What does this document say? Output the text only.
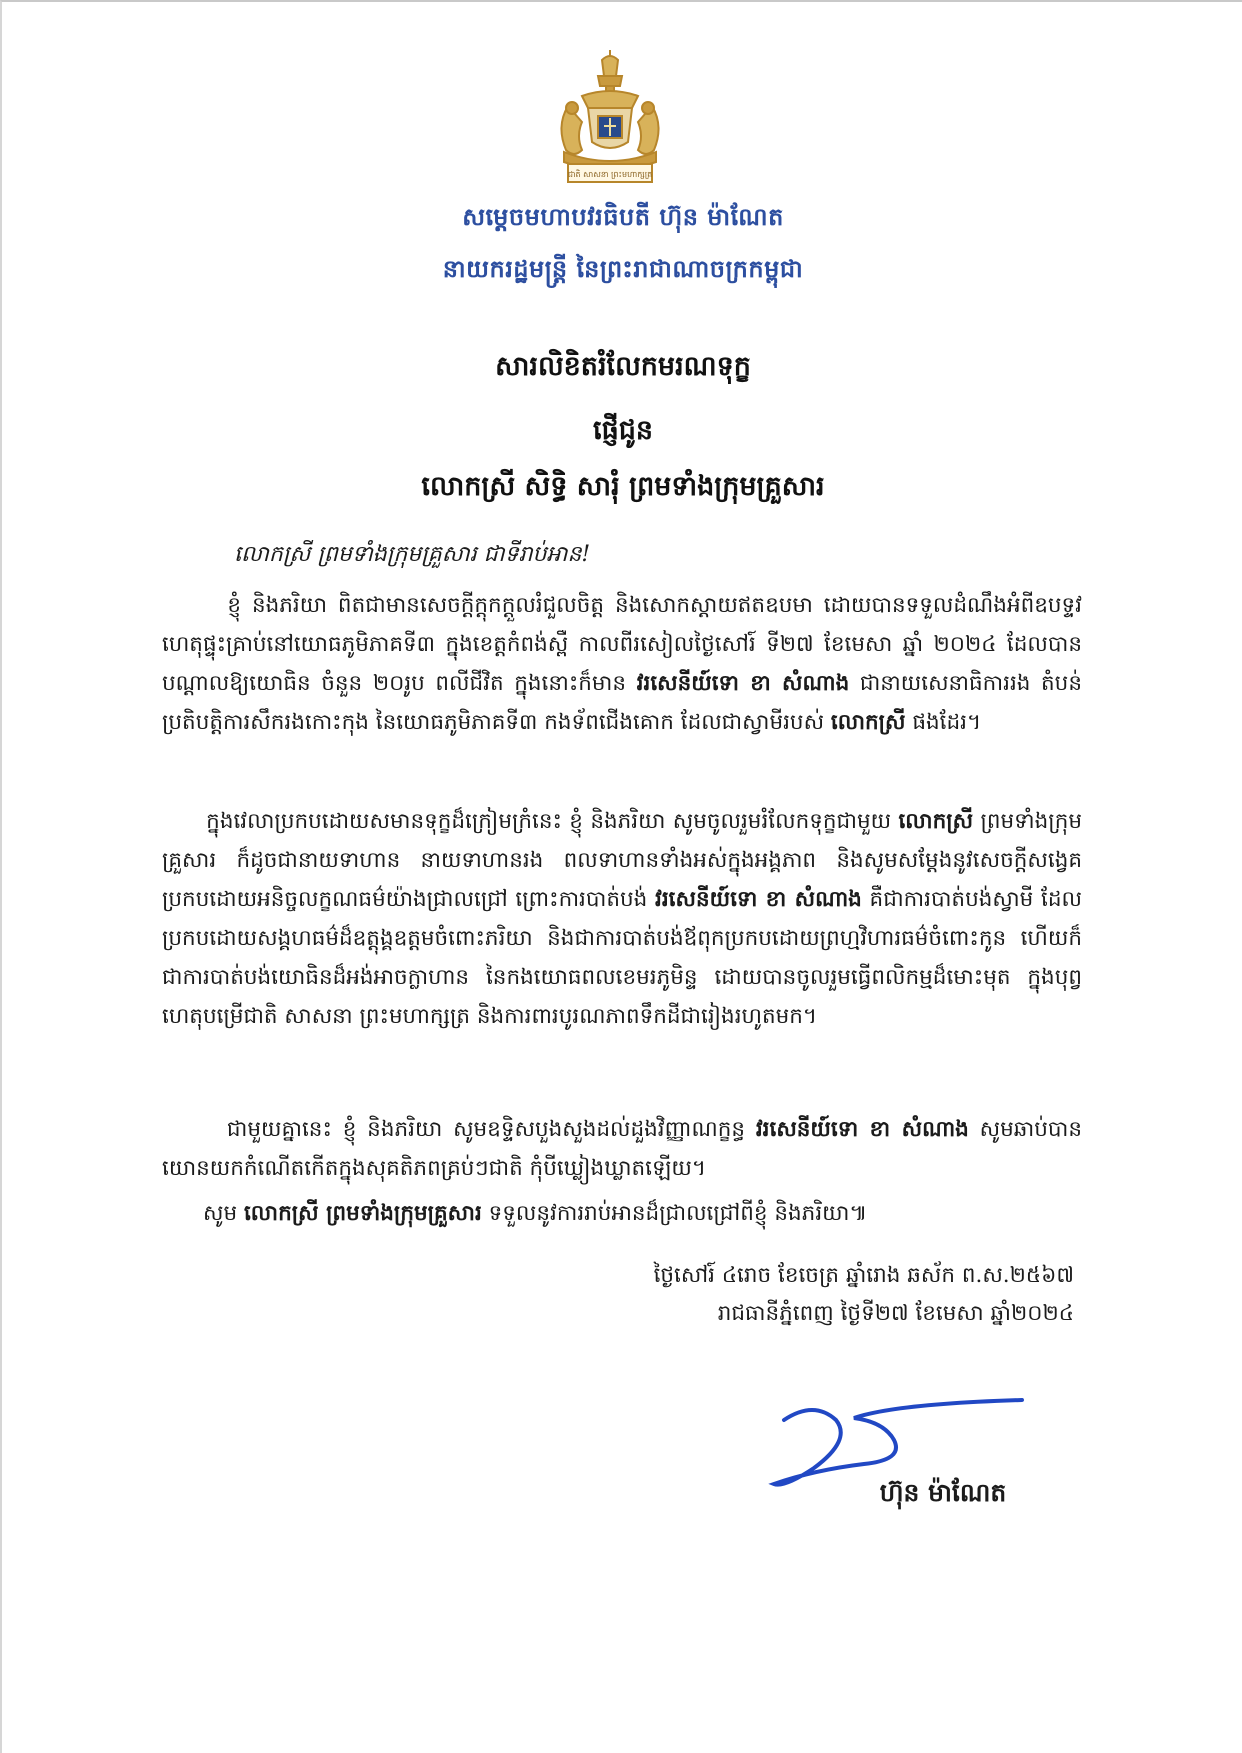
ជាតិ សាសនា ព្រះមហាក្សត្រ
សម្តេចមហាបវរធិបតី ហ៊ុន ម៉ាណែត
នាយករដ្ឋមន្ត្រី នៃព្រះរាជាណាចក្រកម្ពុជា
សារលិខិតរំលែកមរណទុក្ខ
ផ្ញើជូន
លោកស្រី សិទ្ធិ សារុំ ព្រមទាំងក្រុមគ្រួសារ
លោកស្រី ព្រមទាំងក្រុមគ្រួសារ ជាទីរាប់អាន!

ខ្ញុំ និងភរិយា ពិតជាមានសេចក្តីក្តុកក្តួលរំជួលចិត្ត និងសោកស្តាយឥតឧបមា ដោយបានទទួលដំណឹងអំពីឧបទ្ទវហេតុផ្ទុះគ្រាប់នៅយោធភូមិភាគទី៣ ក្នុងខេត្តកំពង់ស្ពឺ កាលពីរសៀលថ្ងៃសៅរ៍ ទី២៧ ខែមេសា ឆ្នាំ ២០២៤ ដែលបានបណ្តាលឱ្យយោធិន ចំនួន ២០រូប ពលីជីវិត ក្នុងនោះក៏មាន វរសេនីយ៍ទោ ខា សំណាង ជានាយសេនាធិការរង តំបន់ប្រតិបត្តិការសឹករងកោះកុង នៃយោធភូមិភាគទី៣ កងទ័ពជើងគោក ដែលជាស្វាមីរបស់ លោកស្រី ផងដែរ។

ក្នុងវេលាប្រកបដោយសមានទុក្ខដ៏ក្រៀមក្រំនេះ ខ្ញុំ និងភរិយា សូមចូលរួមរំលែកទុក្ខជាមួយ លោកស្រី ព្រមទាំងក្រុមគ្រួសារ ក៏ដូចជានាយទាហាន នាយទាហានរង ពលទាហានទាំងអស់ក្នុងអង្គភាព និងសូមសម្តែងនូវសេចក្តីសង្វេគប្រកបដោយអនិច្ចលក្ខណធម៌យ៉ាងជ្រាលជ្រៅ ព្រោះការបាត់បង់ វរសេនីយ៍ទោ ខា សំណាង គឺជាការបាត់បង់ស្វាមី ដែលប្រកបដោយសង្គហធម៌ដ៏ឧត្តុង្គឧត្តមចំពោះភរិយា និងជាការបាត់បង់ឪពុកប្រកបដោយព្រហ្មវិហារធម៌ចំពោះកូន ហើយក៏ជាការបាត់បង់យោធិនដ៏អង់អាចក្លាហាន នៃកងយោធពលខេមរភូមិន្ទ ដោយបានចូលរួមធ្វើពលិកម្មដ៏មោះមុត ក្នុងបុព្វហេតុបម្រើជាតិ សាសនា ព្រះមហាក្សត្រ និងការពារបូរណភាពទឹកដីជារៀងរហូតមក។

ជាមួយគ្នានេះ ខ្ញុំ និងភរិយា សូមឧទ្ទិសបួងសួងដល់ដួងវិញ្ញាណក្ខន្ធ វរសេនីយ៍ទោ ខា សំណាង សូមឆាប់បានយោនយកកំណើតកើតក្នុងសុគតិភពគ្រប់ៗជាតិ កុំបីឃ្លៀងឃ្លាតឡើយ។

សូម លោកស្រី ព្រមទាំងក្រុមគ្រួសារ ទទួលនូវការរាប់អានដ៏ជ្រាលជ្រៅពីខ្ញុំ និងភរិយា៕

ថ្ងៃសៅរ៍ ៤រោច ខែចេត្រ ឆ្នាំរោង ឆស័ក ព.ស.២៥៦៧
រាជធានីភ្នំពេញ ថ្ងៃទី២៧ ខែមេសា ឆ្នាំ២០២៤
ហ៊ុន ម៉ាណែត
